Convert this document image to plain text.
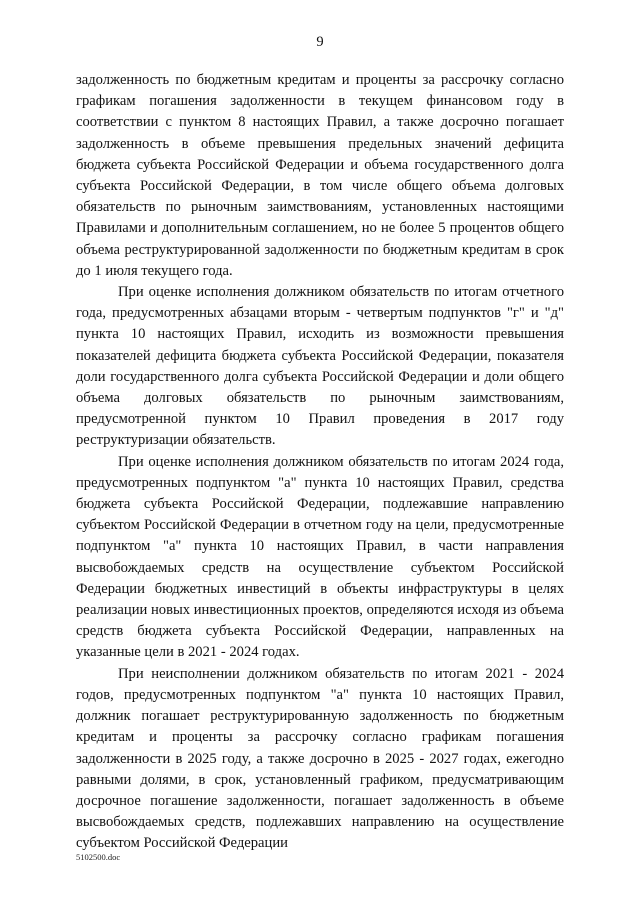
9

задолженность по бюджетным кредитам и проценты за рассрочку согласно графикам погашения задолженности в текущем финансовом году в соответствии с пунктом 8 настоящих Правил, а также досрочно погашает задолженность в объеме превышения предельных значений дефицита бюджета субъекта Российской Федерации и объема государственного долга субъекта Российской Федерации, в том числе общего объема долговых обязательств по рыночным заимствованиям, установленных настоящими Правилами и дополнительным соглашением, но не более 5 процентов общего объема реструктурированной задолженности по бюджетным кредитам в срок до 1 июля текущего года.

При оценке исполнения должником обязательств по итогам отчетного года, предусмотренных абзацами вторым - четвертым подпунктов "г" и "д" пункта 10 настоящих Правил, исходить из возможности превышения показателей дефицита бюджета субъекта Российской Федерации, показателя доли государственного долга субъекта Российской Федерации и доли общего объема долговых обязательств по рыночным заимствованиям, предусмотренной пунктом 10 Правил проведения в 2017 году реструктуризации обязательств.

При оценке исполнения должником обязательств по итогам 2024 года, предусмотренных подпунктом "а" пункта 10 настоящих Правил, средства бюджета субъекта Российской Федерации, подлежавшие направлению субъектом Российской Федерации в отчетном году на цели, предусмотренные подпунктом "а" пункта 10 настоящих Правил, в части направления высвобождаемых средств на осуществление субъектом Российской Федерации бюджетных инвестиций в объекты инфраструктуры в целях реализации новых инвестиционных проектов, определяются исходя из объема средств бюджета субъекта Российской Федерации, направленных на указанные цели в 2021 - 2024 годах.

При неисполнении должником обязательств по итогам 2021 - 2024 годов, предусмотренных подпунктом "а" пункта 10 настоящих Правил, должник погашает реструктурированную задолженность по бюджетным кредитам и проценты за рассрочку согласно графикам погашения задолженности в 2025 году, а также досрочно в 2025 - 2027 годах, ежегодно равными долями, в срок, установленный графиком, предусматривающим досрочное погашение задолженности, погашает задолженность в объеме высвобождаемых средств, подлежавших направлению на осуществление субъектом Российской Федерации

5102500.doc
